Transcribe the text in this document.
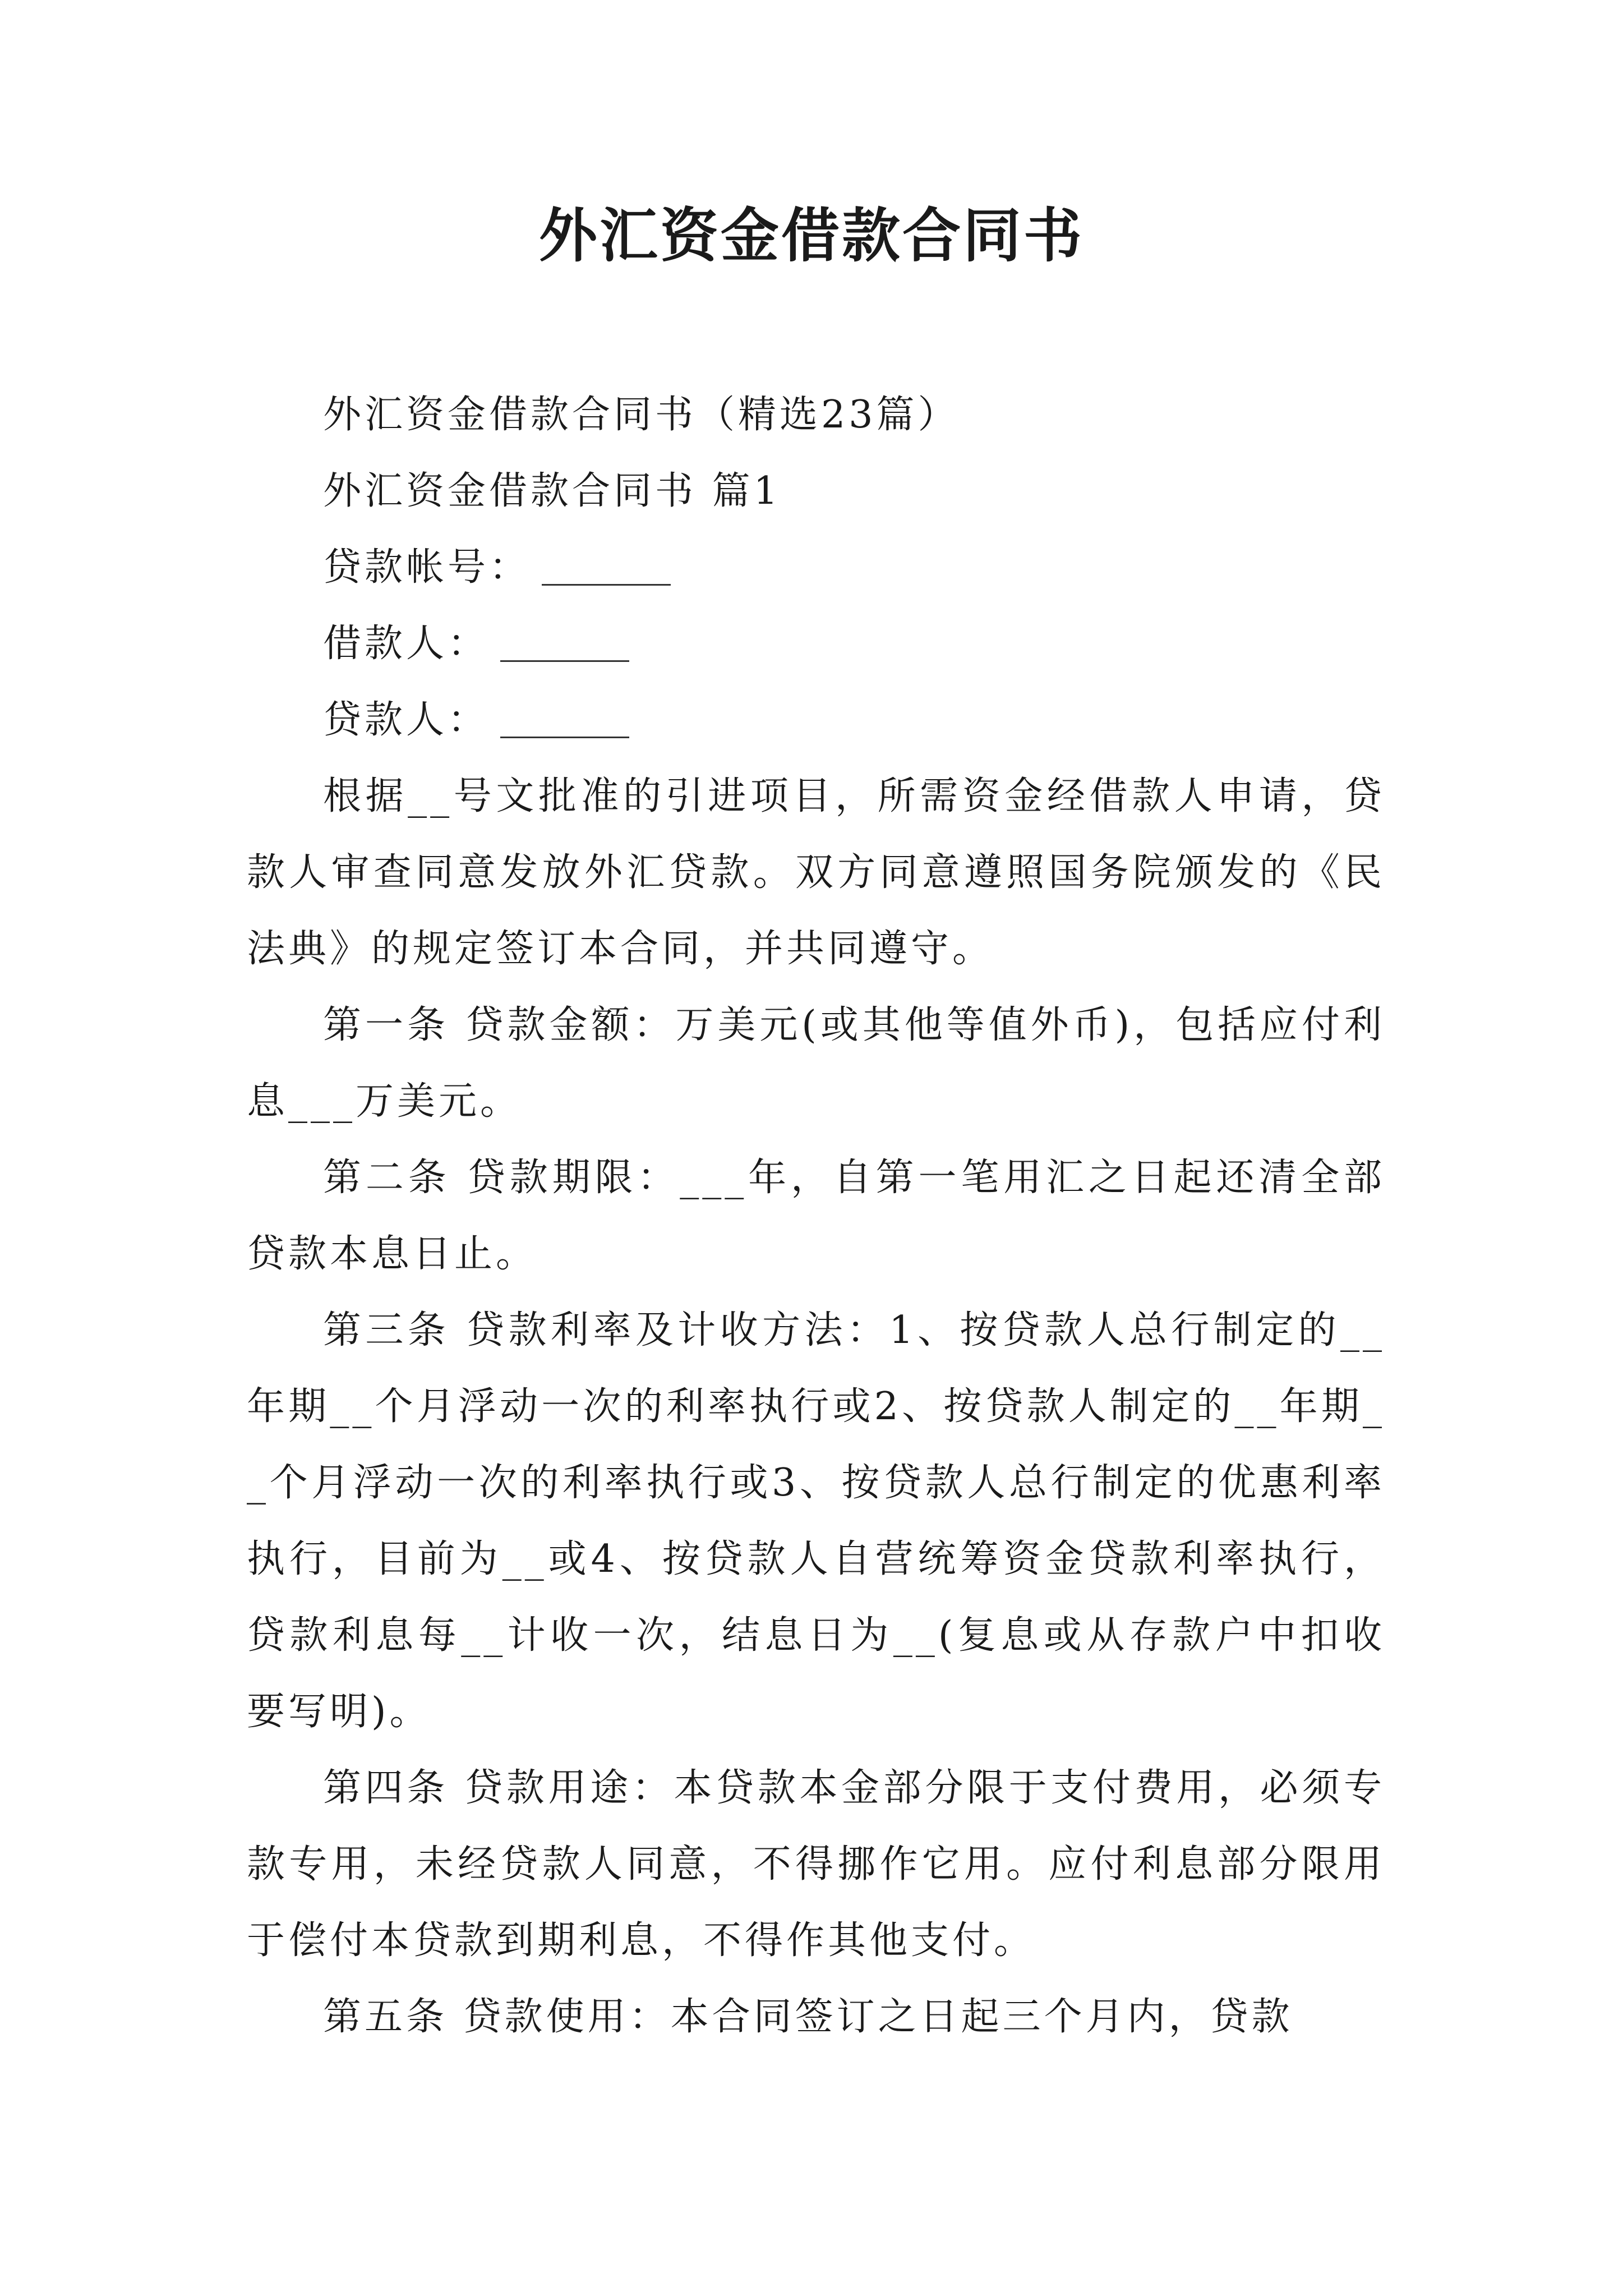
外汇资金借款合同书

外汇资金借款合同书（精选23篇）

外汇资金借款合同书 篇1

贷款帐号：

借款人：

贷款人：

根据__号文批准的引进项目，所需资金经借款人申请，贷款人审查同意发放外汇贷款。双方同意遵照国务院颁发的《民法典》的规定签订本合同，并共同遵守。

第一条 贷款金额：万美元(或其他等值外币)，包括应付利息___万美元。

第二条 贷款期限：___年，自第一笔用汇之日起还清全部贷款本息日止。

第三条 贷款利率及计收方法：1、按贷款人总行制定的__年期__个月浮动一次的利率执行或2、按贷款人制定的__年期__个月浮动一次的利率执行或3、按贷款人总行制定的优惠利率执行，目前为__或4、按贷款人自营统筹资金贷款利率执行，贷款利息每__计收一次，结息日为__(复息或从存款户中扣收要写明)。

第四条 贷款用途：本贷款本金部分限于支付费用，必须专款专用，未经贷款人同意，不得挪作它用。应付利息部分限用于偿付本贷款到期利息，不得作其他支付。

第五条 贷款使用：本合同签订之日起三个月内，贷款
